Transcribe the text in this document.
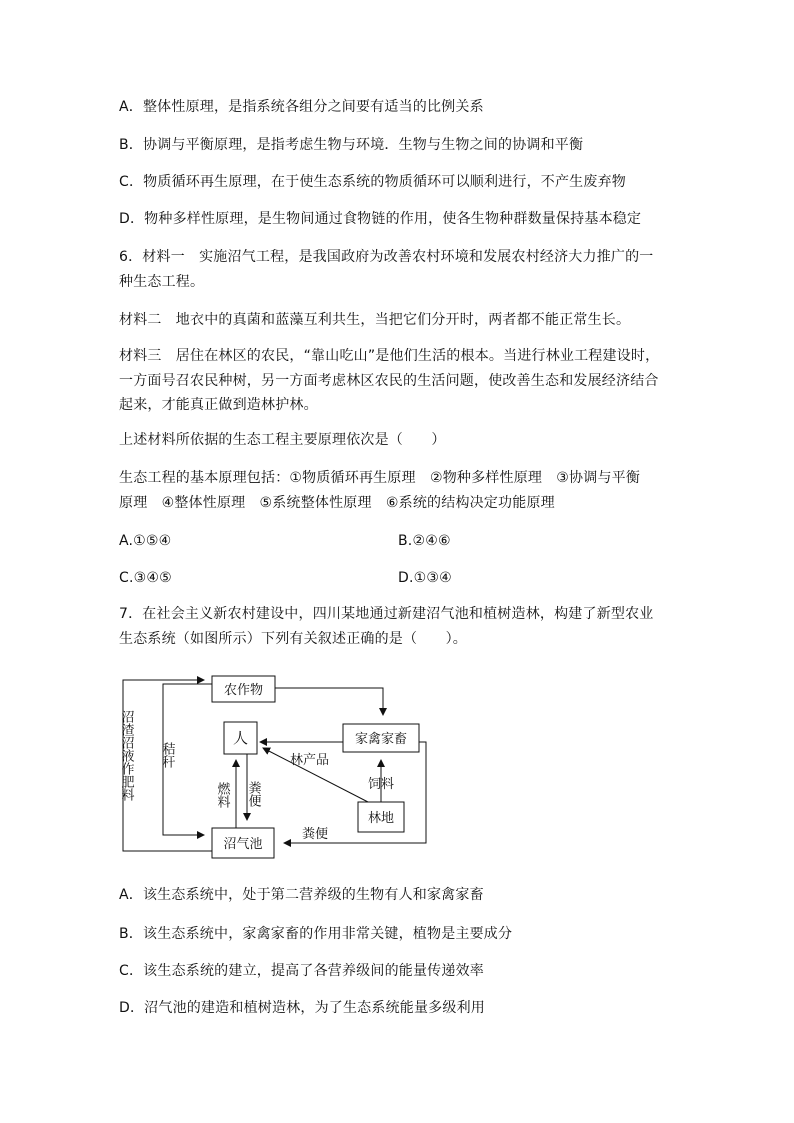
A．整体性原理，是指系统各组分之间要有适当的比例关系
B．协调与平衡原理，是指考虑生物与环境．生物与生物之间的协调和平衡
C．物质循环再生原理，在于使生态系统的物质循环可以顺利进行，不产生废弃物
D．物种多样性原理，是生物间通过食物链的作用，使各生物种群数量保持基本稳定
6．材料一　实施沼气工程，是我国政府为改善农村环境和发展农村经济大力推广的一
种生态工程。
材料二　地衣中的真菌和蓝藻互利共生，当把它们分开时，两者都不能正常生长。
材料三　居住在林区的农民，“靠山吃山”是他们生活的根本。当进行林业工程建设时，
一方面号召农民种树，另一方面考虑林区农民的生活问题，使改善生态和发展经济结合
起来，才能真正做到造林护林。
上述材料所依据的生态工程主要原理依次是（　　）
生态工程的基本原理包括：①物质循环再生原理　②物种多样性原理　③协调与平衡
原理　④整体性原理　⑤系统整体性原理　⑥系统的结构决定功能原理
A.①⑤④	B.②④⑥
C.③④⑤	D.①③④
7．在社会主义新农村建设中，四川某地通过新建沼气池和植树造林，构建了新型农业
生态系统（如图所示）下列有关叙述正确的是（　　）。
农作物
人	家禽家畜
林地
沼气池
林产品
饲料
粪便
秸秆
燃料 粪便
沼渣沼液作肥料
A．该生态系统中，处于第二营养级的生物有人和家禽家畜
B．该生态系统中，家禽家畜的作用非常关键，植物是主要成分
C．该生态系统的建立，提高了各营养级间的能量传递效率
D．沼气池的建造和植树造林，为了生态系统能量多级利用
